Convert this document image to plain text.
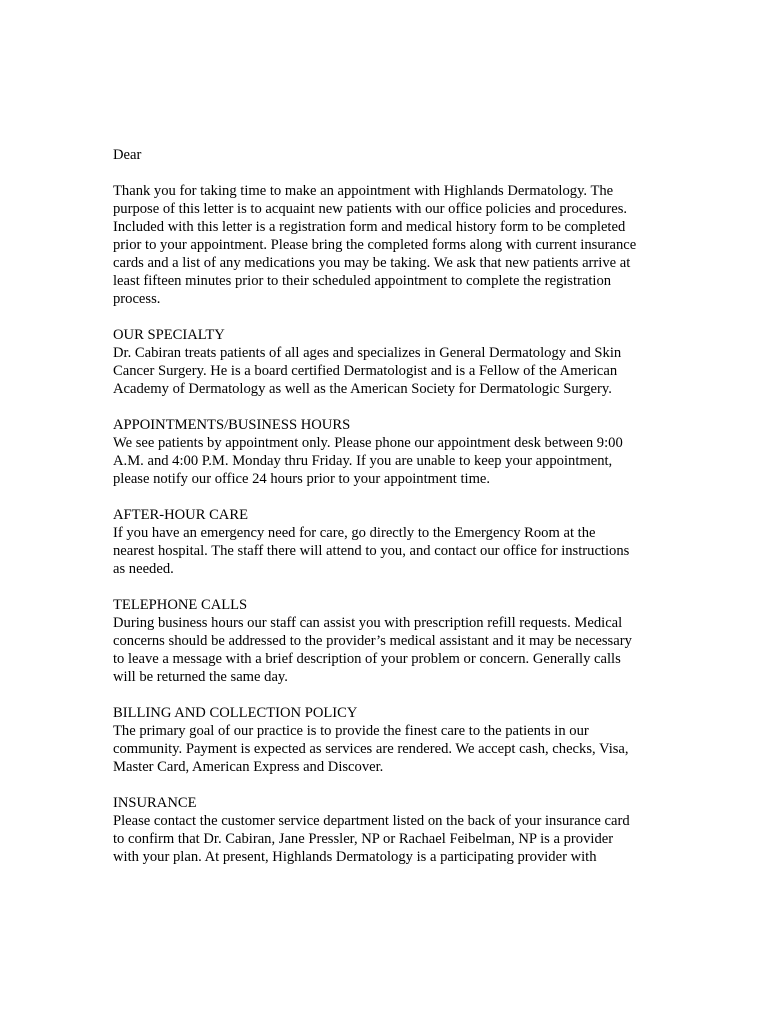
Dear
Thank you for taking time to make an appointment with Highlands Dermatology. The
purpose of this letter is to acquaint new patients with our office policies and procedures.
Included with this letter is a registration form and medical history form to be completed
prior to your appointment. Please bring the completed forms along with current insurance
cards and a list of any medications you may be taking. We ask that new patients arrive at
least fifteen minutes prior to their scheduled appointment to complete the registration
process.
OUR SPECIALTY
Dr. Cabiran treats patients of all ages and specializes in General Dermatology and Skin
Cancer Surgery. He is a board certified Dermatologist and is a Fellow of the American
Academy of Dermatology as well as the American Society for Dermatologic Surgery.
APPOINTMENTS/BUSINESS HOURS
We see patients by appointment only. Please phone our appointment desk between 9:00
A.M. and 4:00 P.M. Monday thru Friday. If you are unable to keep your appointment,
please notify our office 24 hours prior to your appointment time.
AFTER-HOUR CARE
If you have an emergency need for care, go directly to the Emergency Room at the
nearest hospital. The staff there will attend to you, and contact our office for instructions
as needed.
TELEPHONE CALLS
During business hours our staff can assist you with prescription refill requests. Medical
concerns should be addressed to the provider’s medical assistant and it may be necessary
to leave a message with a brief description of your problem or concern. Generally calls
will be returned the same day.
BILLING AND COLLECTION POLICY
The primary goal of our practice is to provide the finest care to the patients in our
community. Payment is expected as services are rendered. We accept cash, checks, Visa,
Master Card, American Express and Discover.
INSURANCE
Please contact the customer service department listed on the back of your insurance card
to confirm that Dr. Cabiran, Jane Pressler, NP or Rachael Feibelman, NP is a provider
with your plan. At present, Highlands Dermatology is a participating provider with
